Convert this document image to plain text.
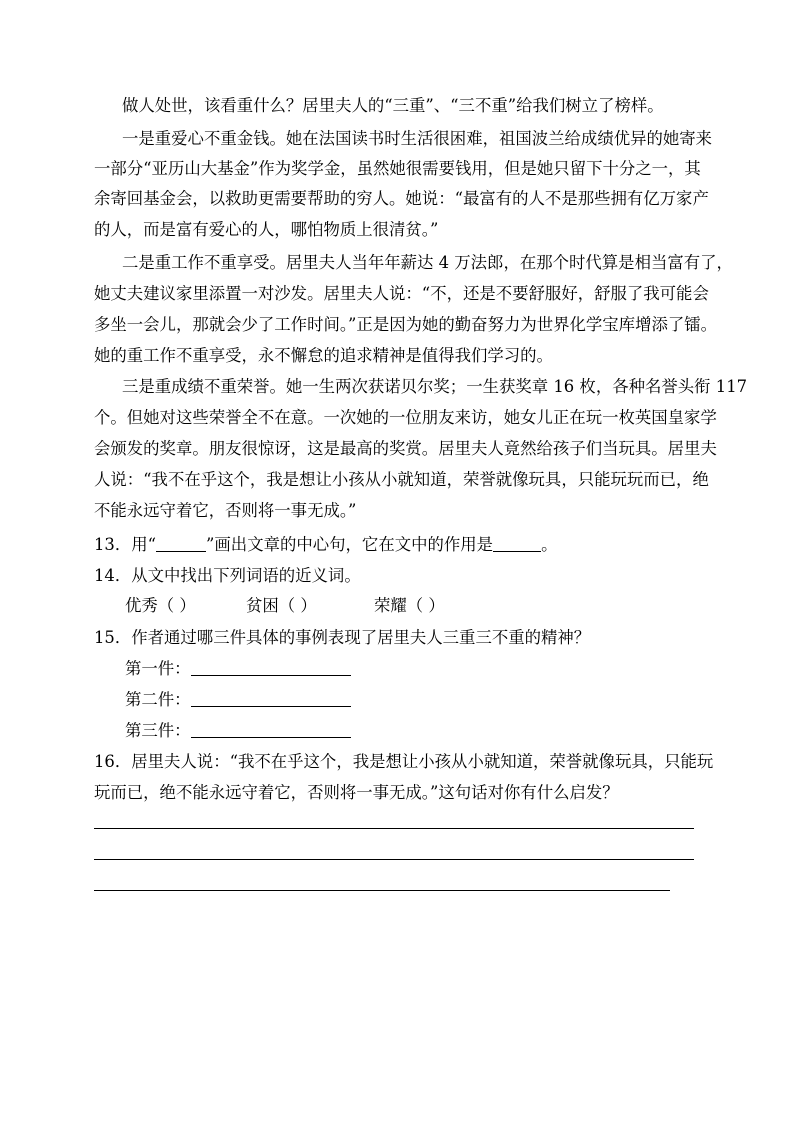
做人处世，该看重什么？居里夫人的“三重”、“三不重”给我们树立了榜样。
一是重爱心不重金钱。她在法国读书时生活很困难，祖国波兰给成绩优异的她寄来
一部分“亚历山大基金”作为奖学金，虽然她很需要钱用，但是她只留下十分之一，其
余寄回基金会，以救助更需要帮助的穷人。她说：“最富有的人不是那些拥有亿万家产
的人，而是富有爱心的人，哪怕物质上很清贫。”
二是重工作不重享受。居里夫人当年年薪达 4 万法郎，在那个时代算是相当富有了，
她丈夫建议家里添置一对沙发。居里夫人说：“不，还是不要舒服好，舒服了我可能会
多坐一会儿，那就会少了工作时间。”正是因为她的勤奋努力为世界化学宝库增添了镭。
她的重工作不重享受，永不懈怠的追求精神是值得我们学习的。
三是重成绩不重荣誉。她一生两次获诺贝尔奖；一生获奖章 16 枚，各种名誉头衔 117
个。但她对这些荣誉全不在意。一次她的一位朋友来访，她女儿正在玩一枚英国皇家学
会颁发的奖章。朋友很惊讶，这是最高的奖赏。居里夫人竟然给孩子们当玩具。居里夫
人说：“我不在乎这个，我是想让小孩从小就知道，荣誉就像玩具，只能玩玩而已，绝
不能永远守着它，否则将一事无成。”
13．用“	”画出文章的中心句，它在文中的作用是	。
14．从文中找出下列词语的近义词。
优秀（ ）	贫困（ ）	荣耀（ ）
15．作者通过哪三件具体的事例表现了居里夫人三重三不重的精神？
第一件：
第二件：
第三件：
16．居里夫人说：“我不在乎这个，我是想让小孩从小就知道，荣誉就像玩具，只能玩
玩而已，绝不能永远守着它，否则将一事无成。”这句话对你有什么启发？
